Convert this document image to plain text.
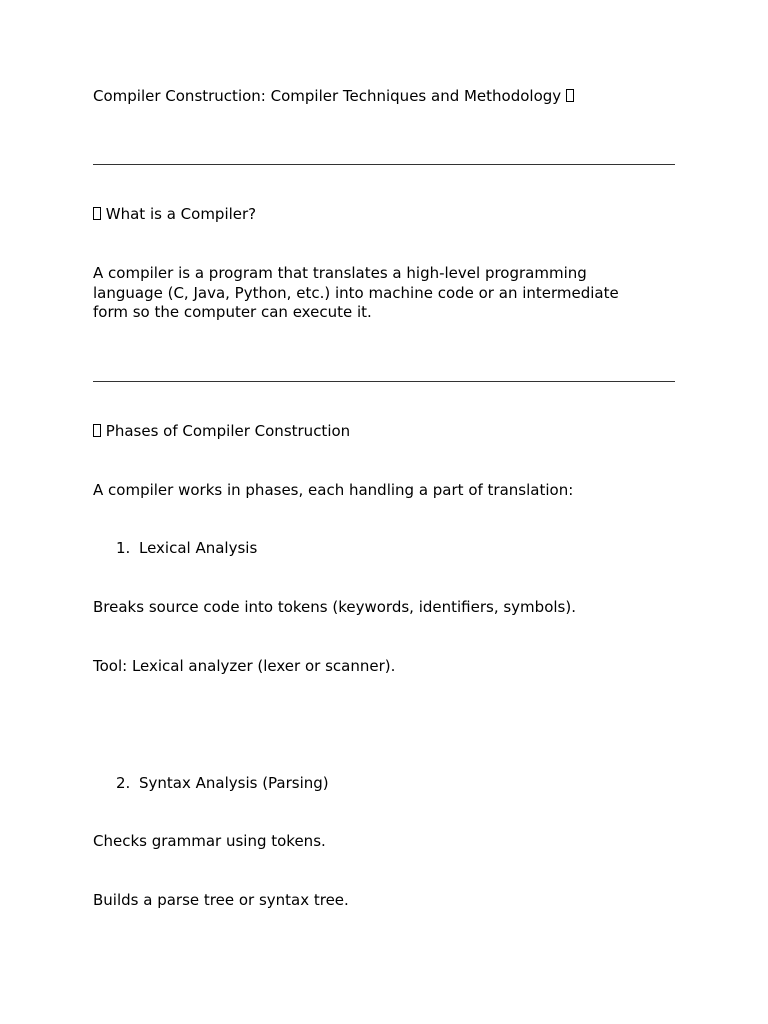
Compiler Construction: Compiler Techniques and Methodology
What is a Compiler?
A compiler is a program that translates a high-level programming language (C, Java, Python, etc.) into machine code or an intermediate form so the computer can execute it.
Phases of Compiler Construction
A compiler works in phases, each handling a part of translation:
1. Lexical Analysis
Breaks source code into tokens (keywords, identifiers, symbols).
Tool: Lexical analyzer (lexer or scanner).
2. Syntax Analysis (Parsing)
Checks grammar using tokens.
Builds a parse tree or syntax tree.
